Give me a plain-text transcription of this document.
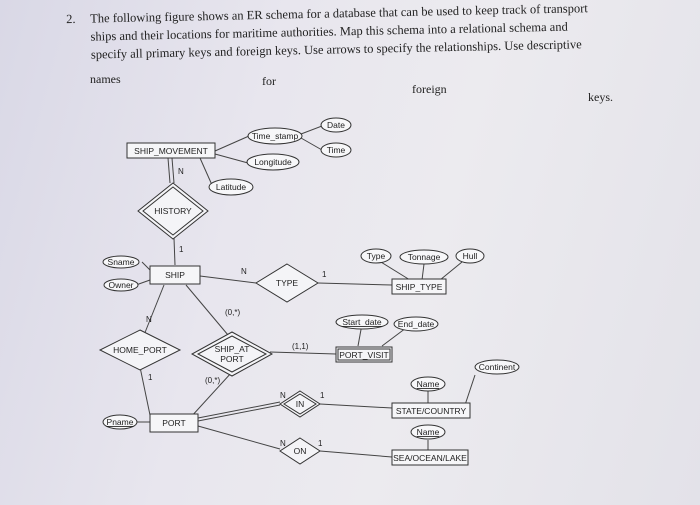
2.	The following figure shows an ER schema for a database that can be used to keep track of transport
ships and their locations for maritime authorities. Map this schema into a relational schema and
specify all primary keys and foreign keys. Use arrows to specify the relationships. Use descriptive
names	for
foreign
keys.
SHIP_MOVEMENT
SHIP
SHIP_TYPE
PORT
PORT_VISIT
STATE/COUNTRY
SEA/OCEAN/LAKE
HISTORY
TYPE
HOME_PORT	SHIP_AT
PORT
IN
ON
Date
Time
Time_stamp
Longitude
Latitude
Sname
Owner
Type	Tonnage	Hull
Start_date End_date
Continent
Name
Name
Pname
N
1
N	1
(0,*)
(1,1)
N
1	(0,*)
N	1
N	1
